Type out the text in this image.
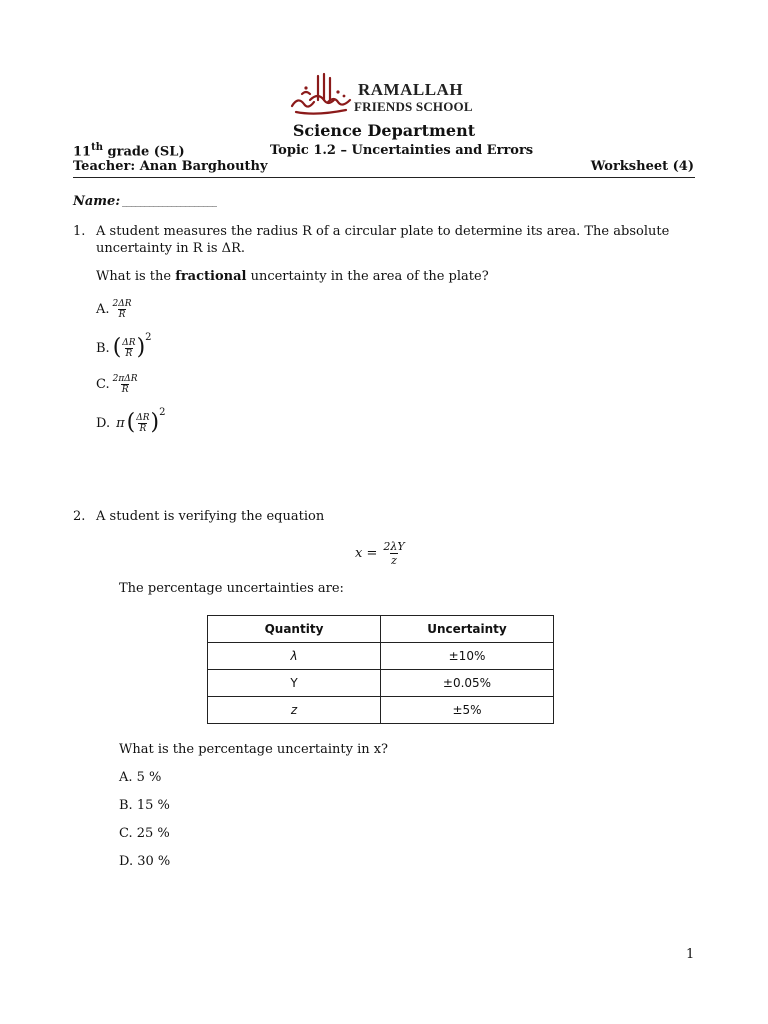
RAMALLAH
FRIENDS SCHOOL
Science Department
11th grade (SL)	Topic 1.2 – Uncertainties and Errors
Teacher: Anan Barghouthy	Worksheet (4)
Name: _____________________
1. A student measures the radius R of a circular plate to determine its area. The absolute
uncertainty in R is ΔR.
What is the fractional uncertainty in the area of the plate?
A. $\frac{2\Delta R}{R}$
B. ( $\frac{\Delta R}{R}$ ) 2
C. $\frac{\text{2πΔR}}{R}$
D. π ( $\frac{\Delta R}{R}$ ) 2
2. A student is verifying the equation
$x = \frac{2\lambda Y}{z}$
The percentage uncertainties are:
Quantity	Uncertainty
λ	±10%
Y	±0.05%
z	±5%
What is the percentage uncertainty in x?
A. 5 %
B. 15 %
C. 25 %
D. 30 %
1
